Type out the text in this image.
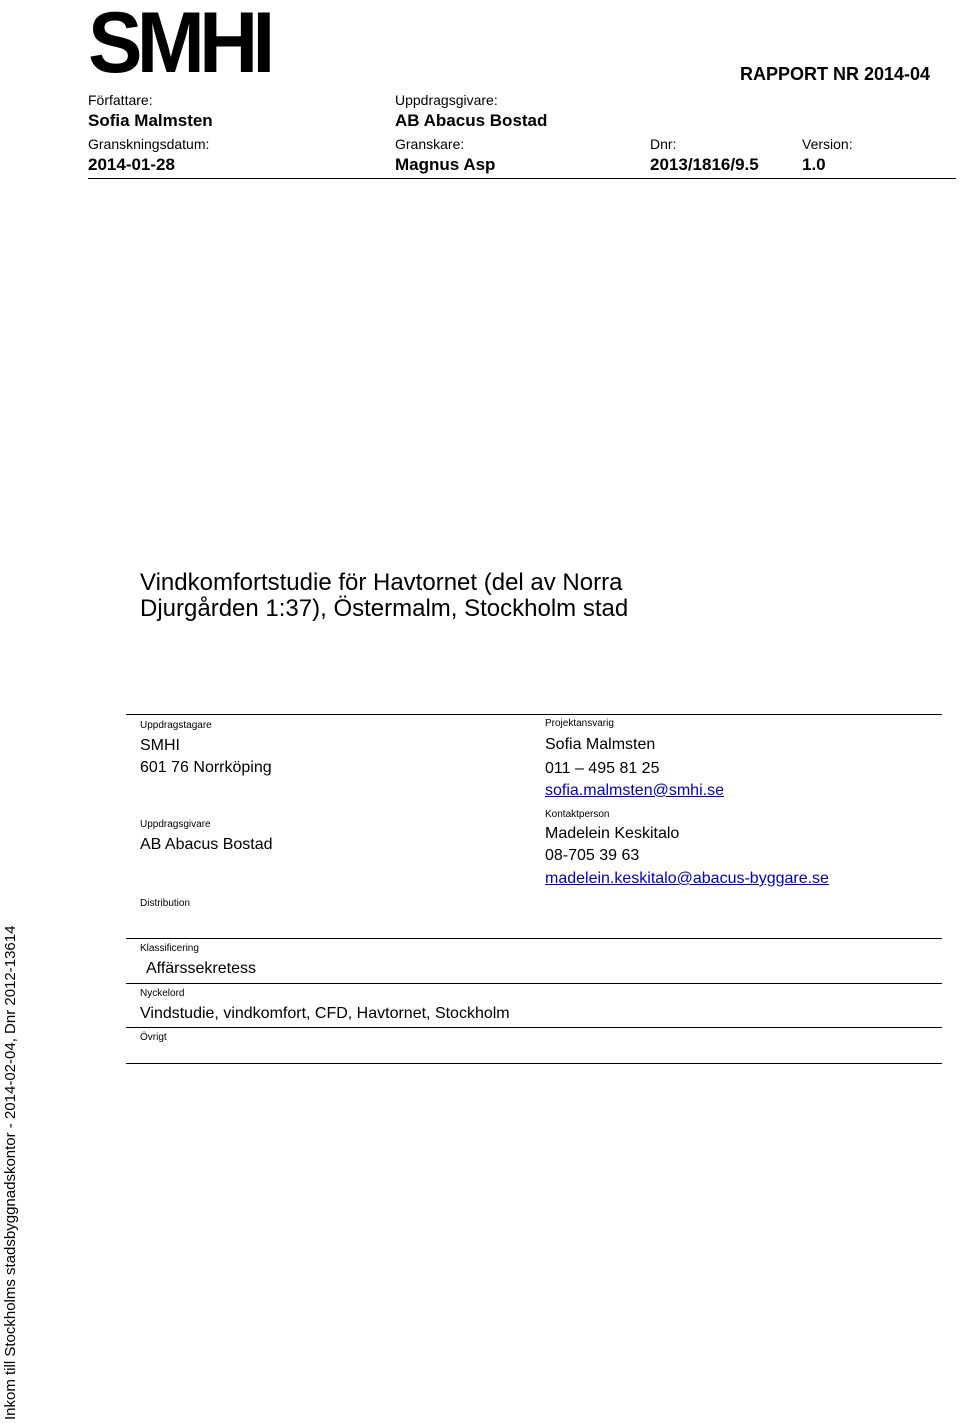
SMHI	RAPPORT NR 2014-04
Författare:
Sofia Malmsten
Uppdragsgivare:
AB Abacus Bostad
Granskningsdatum:
2014-01-28
Granskare:
Magnus Asp
Dnr:
2013/1816/9.5
Version:
1.0
Vindkomfortstudie för Havtornet (del av Norra
Djurgården 1:37), Östermalm, Stockholm stad
Uppdragstagare
SMHI
601 76 Norrköping
Uppdragsgivare
AB Abacus Bostad
Distribution
Projektansvarig
Sofia Malmsten
011 – 495 81 25
sofia.malmsten@smhi.se
Kontaktperson
Madelein Keskitalo
08-705 39 63
madelein.keskitalo@abacus-byggare.se
Klassificering
Affärssekretess
Nyckelord
Vindstudie, vindkomfort, CFD, Havtornet, Stockholm
Övrigt
Inkom till Stockholms stadsbyggnadskontor - 2014-02-04, Dnr 2012-13614
